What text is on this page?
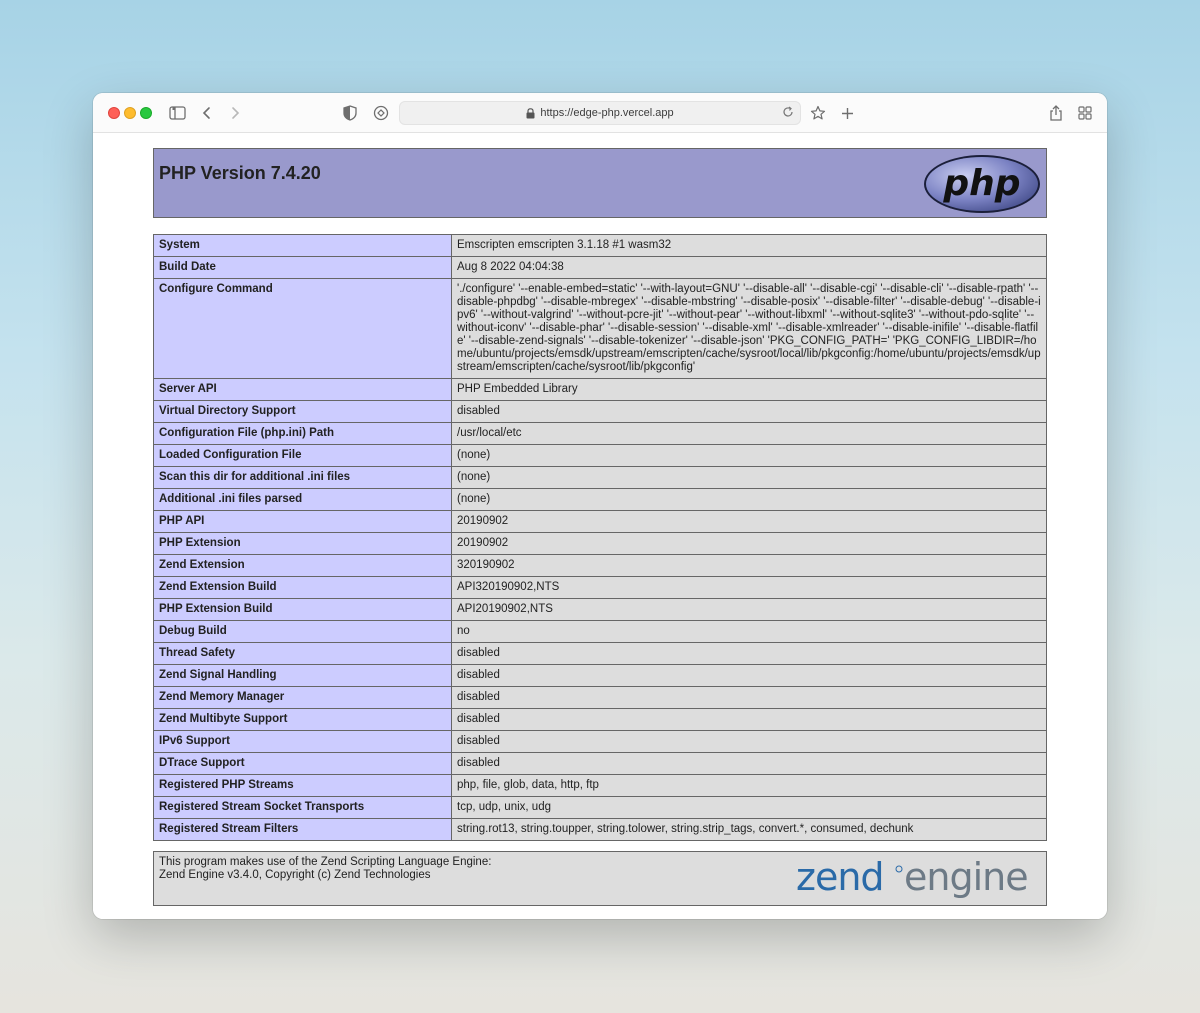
https://edge-php.vercel.app
PHP Version 7.4.20	php
System	Emscripten emscripten 3.1.18 #1 wasm32
Build Date	Aug 8 2022 04:04:38
Configure Command	'./configure' '--enable-embed=static' '--with-layout=GNU' '--disable-all' '--disable-cgi' '--disable-cli' '--disable-rpath' '--disable-phpdbg' '--disable-mbregex' '--disable-mbstring' '--disable-posix' '--disable-filter' '--disable-debug' '--disable-ipv6' '--without-valgrind' '--without-pcre-jit' '--without-pear' '--without-libxml' '--without-sqlite3' '--without-pdo-sqlite' '--without-iconv' '--disable-phar' '--disable-session' '--disable-xml' '--disable-xmlreader' '--disable-inifile' '--disable-flatfile' '--disable-zend-signals' '--disable-tokenizer' '--disable-json' 'PKG_CONFIG_PATH=' 'PKG_CONFIG_LIBDIR=/home/ubuntu/projects/emsdk/upstream/emscripten/cache/sysroot/local/lib/pkgconfig:/home/ubuntu/projects/emsdk/upstream/emscripten/cache/sysroot/lib/pkgconfig'
Server API	PHP Embedded Library
Virtual Directory Support	disabled
Configuration File (php.ini) Path	/usr/local/etc
Loaded Configuration File	(none)
Scan this dir for additional .ini files	(none)
Additional .ini files parsed	(none)
PHP API	20190902
PHP Extension	20190902
Zend Extension	320190902
Zend Extension Build	API320190902,NTS
PHP Extension Build	API20190902,NTS
Debug Build	no
Thread Safety	disabled
Zend Signal Handling	disabled
Zend Memory Manager	disabled
Zend Multibyte Support	disabled
IPv6 Support	disabled
DTrace Support	disabled
Registered PHP Streams	php, file, glob, data, http, ftp
Registered Stream Socket Transports	tcp, udp, unix, udg
Registered Stream Filters	string.rot13, string.toupper, string.tolower, string.strip_tags, convert.*, consumed, dechunk
This program makes use of the Zend Scripting Language Engine:
Zend Engine v3.4.0, Copyright (c) Zend Technologies	zend engine
